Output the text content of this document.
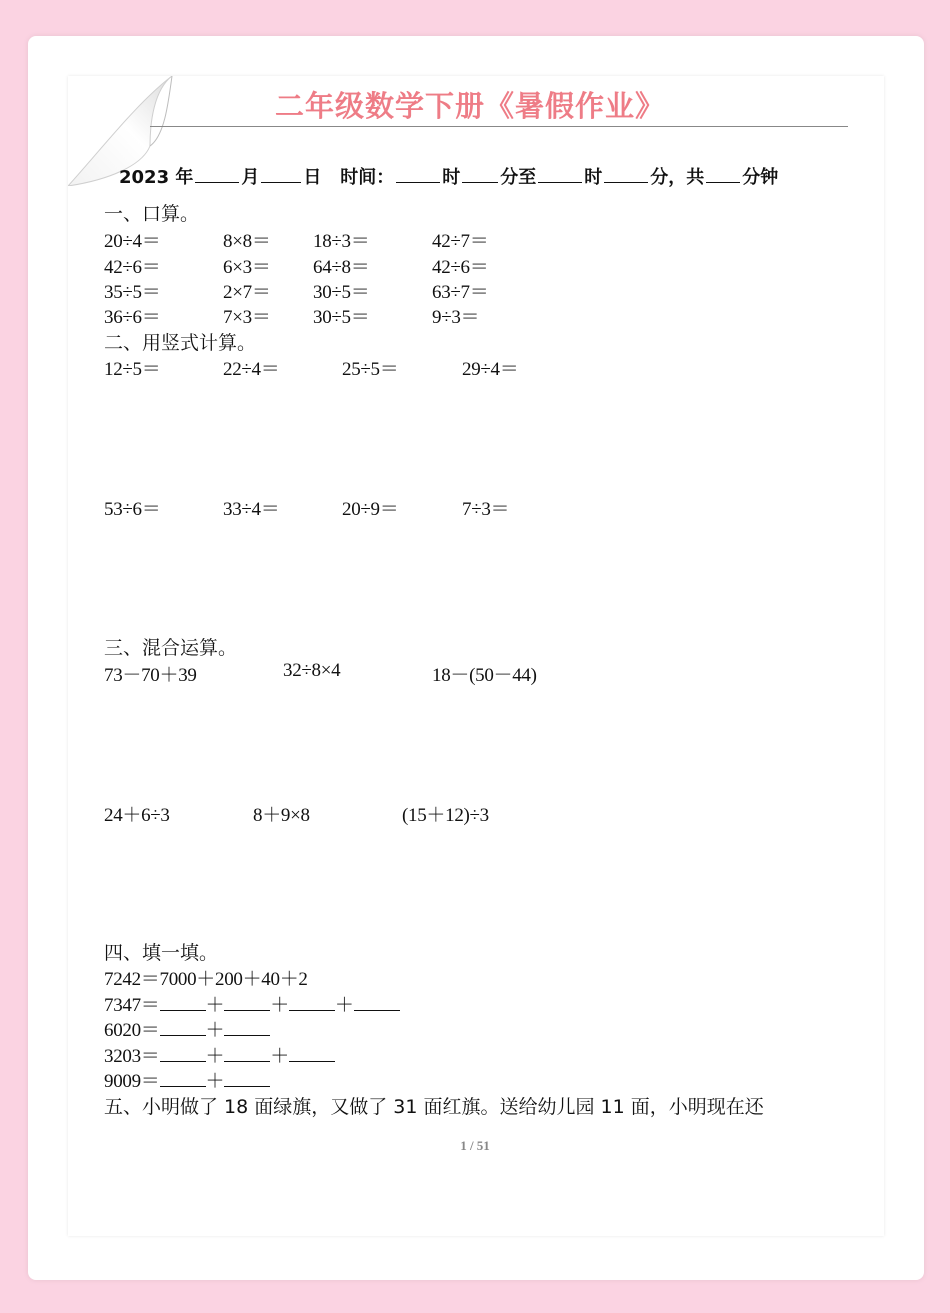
二年级数学下册《暑假作业》
2023 年	月 日 时间：	时 分至	时	分，共 分钟
一、口算。
20÷4＝	8×8＝ 18÷3＝	42÷7＝
42÷6＝	6×3＝ 64÷8＝	42÷6＝
35÷5＝	2×7＝ 30÷5＝	63÷7＝
36÷6＝	7×3＝ 30÷5＝	9÷3＝
二、用竖式计算。
12÷5＝	22÷4＝	25÷5＝	29÷4＝
53÷6＝	33÷4＝	20÷9＝	7÷3＝
三、混合运算。
73－70＋39	32÷8×4	18－(50－44)
24＋6÷3	8＋9×8	(15＋12)÷3
四、填一填。
7242＝7000＋200＋40＋2
7347＝ ＋ ＋ ＋
6020＝ ＋
3203＝ ＋ ＋
9009＝ ＋
五、小明做了 18 面绿旗，又做了 31 面红旗。送给幼儿园 11 面，小明现在还
1 / 51
